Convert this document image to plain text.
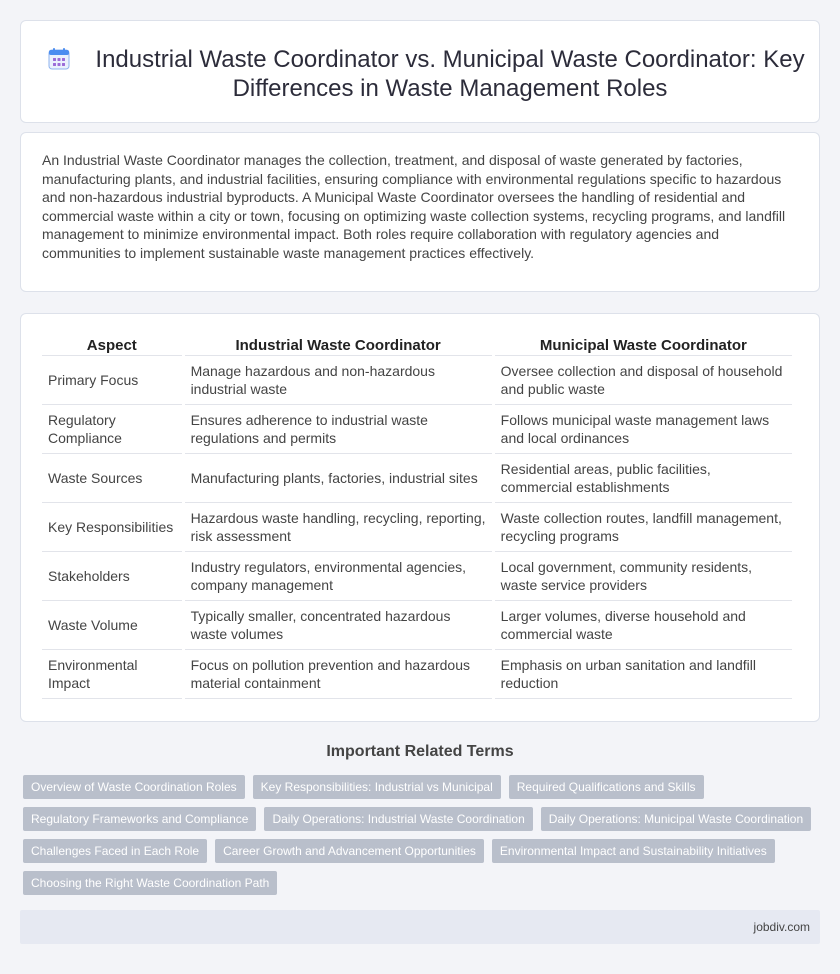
Industrial Waste Coordinator vs. Municipal Waste Coordinator: Key Differences in Waste Management Roles

An Industrial Waste Coordinator manages the collection, treatment, and disposal of waste generated by factories, manufacturing plants, and industrial facilities, ensuring compliance with environmental regulations specific to hazardous and non-hazardous industrial byproducts. A Municipal Waste Coordinator oversees the handling of residential and commercial waste within a city or town, focusing on optimizing waste collection systems, recycling programs, and landfill management to minimize environmental impact. Both roles require collaboration with regulatory agencies and communities to implement sustainable waste management practices effectively.

Aspect	Industrial Waste Coordinator	Municipal Waste Coordinator
Primary Focus	Manage hazardous and non-hazardous industrial waste	Oversee collection and disposal of household and public waste
Regulatory Compliance	Ensures adherence to industrial waste regulations and permits	Follows municipal waste management laws and local ordinances
Waste Sources	Manufacturing plants, factories, industrial sites	Residential areas, public facilities, commercial establishments
Key Responsibilities	Hazardous waste handling, recycling, reporting, risk assessment	Waste collection routes, landfill management, recycling programs
Stakeholders	Industry regulators, environmental agencies, company management	Local government, community residents, waste service providers
Waste Volume	Typically smaller, concentrated hazardous waste volumes	Larger volumes, diverse household and commercial waste
Environmental Impact	Focus on pollution prevention and hazardous material containment	Emphasis on urban sanitation and landfill reduction
Important Related Terms
Overview of Waste Coordination Roles	Key Responsibilities: Industrial vs Municipal	Required Qualifications and Skills
Regulatory Frameworks and Compliance	Daily Operations: Industrial Waste Coordination	Daily Operations: Municipal Waste Coordination
Challenges Faced in Each Role	Career Growth and Advancement Opportunities	Environmental Impact and Sustainability Initiatives
Choosing the Right Waste Coordination Path
jobdiv.com
